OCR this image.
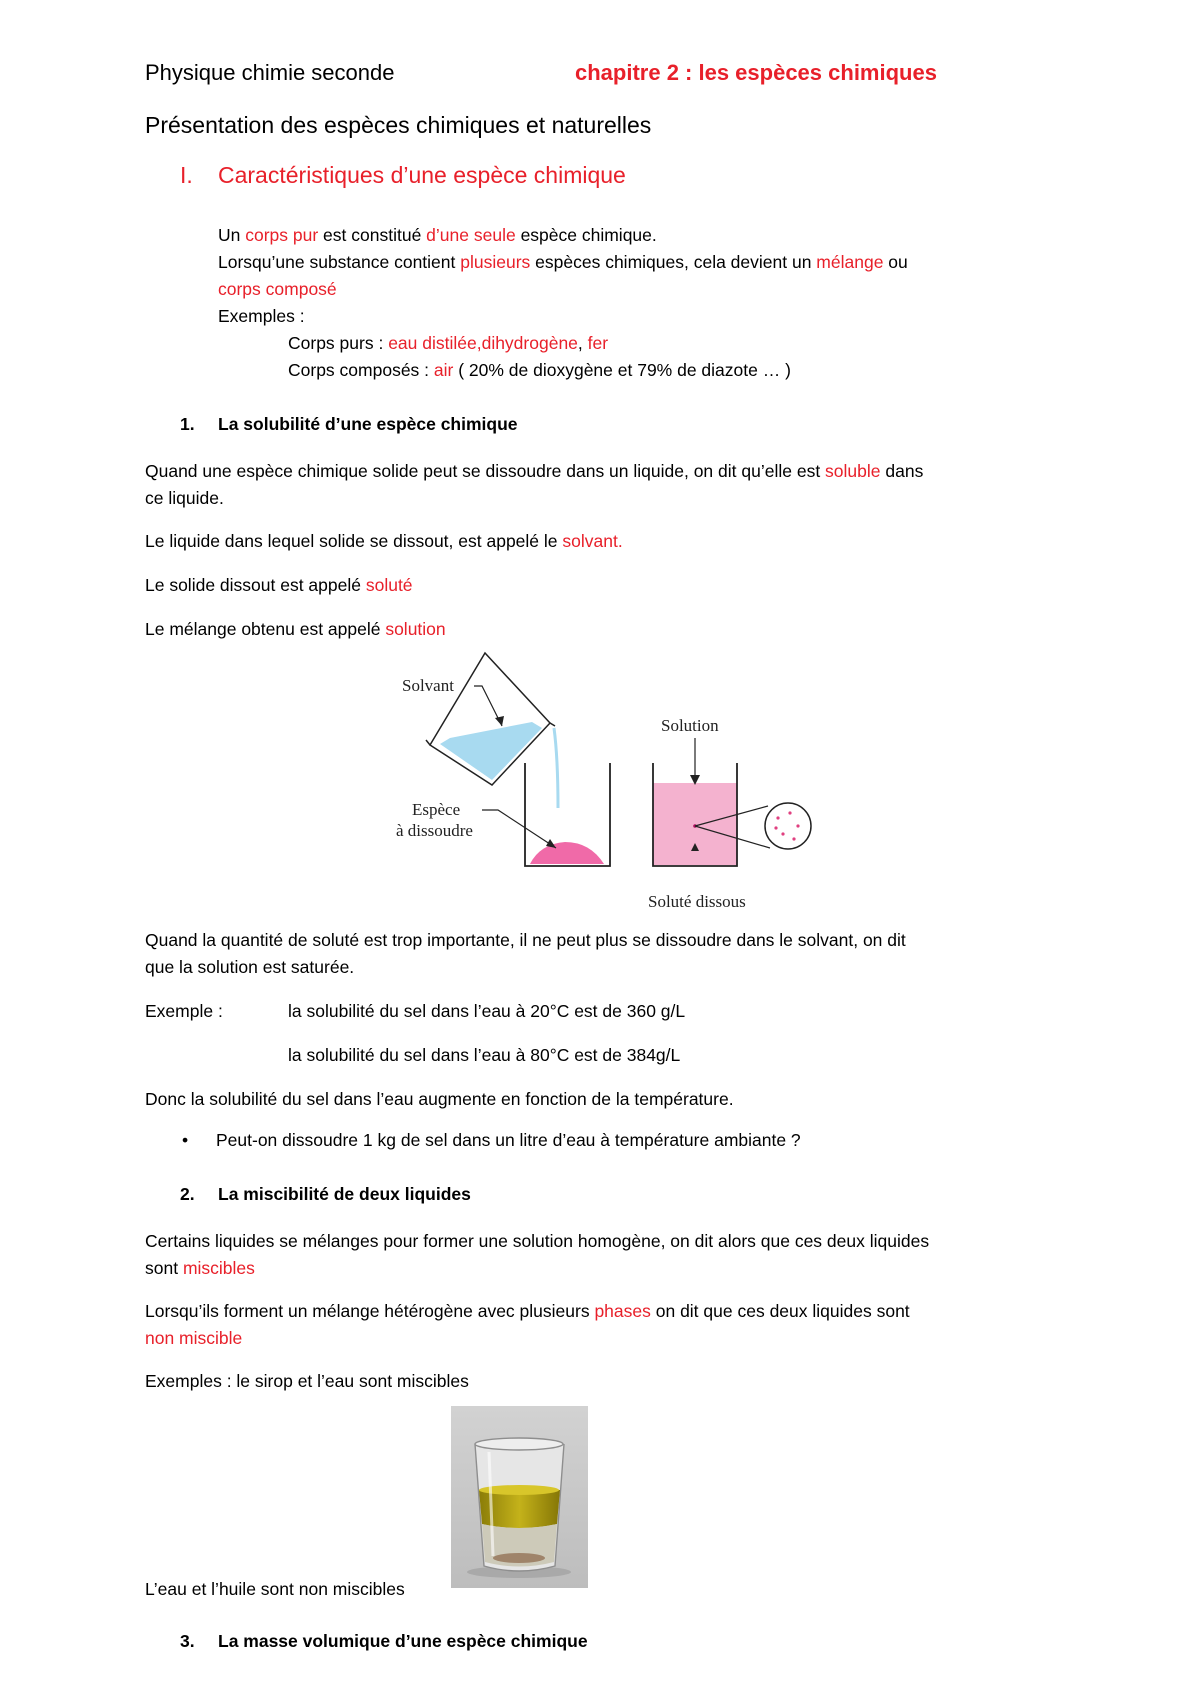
Physique chimie seconde	chapitre 2 : les espèces chimiques
Présentation des espèces chimiques et naturelles
I. Caractéristiques d’une espèce chimique
Un corps pur est constitué d’une seule espèce chimique.
Lorsqu’une substance contient plusieurs espèces chimiques, cela devient un mélange ou
corps composé
Exemples :
Corps purs : eau distilée,dihydrogène, fer
Corps composés : air ( 20% de dioxygène et 79% de diazote … )
1. La solubilité d’une espèce chimique
Quand une espèce chimique solide peut se dissoudre dans un liquide, on dit qu’elle est soluble dans
ce liquide.
Le liquide dans lequel solide se dissout, est appelé le solvant.
Le solide dissout est appelé soluté
Le mélange obtenu est appelé solution
Solvant
Espèce
à dissoudre
Solution
Soluté dissous
Quand la quantité de soluté est trop importante, il ne peut plus se dissoudre dans le solvant, on dit
que la solution est saturée.
Exemple :	la solubilité du sel dans l’eau à 20°C est de 360 g/L
la solubilité du sel dans l’eau à 80°C est de 384g/L
Donc la solubilité du sel dans l’eau augmente en fonction de la température.
• Peut-on dissoudre 1 kg de sel dans un litre d’eau à température ambiante ?
2. La miscibilité de deux liquides
Certains liquides se mélanges pour former une solution homogène, on dit alors que ces deux liquides
sont miscibles
Lorsqu’ils forment un mélange hétérogène avec plusieurs phases on dit que ces deux liquides sont
non miscible
Exemples : le sirop et l’eau sont miscibles
L’eau et l’huile sont non miscibles
3. La masse volumique d’une espèce chimique
